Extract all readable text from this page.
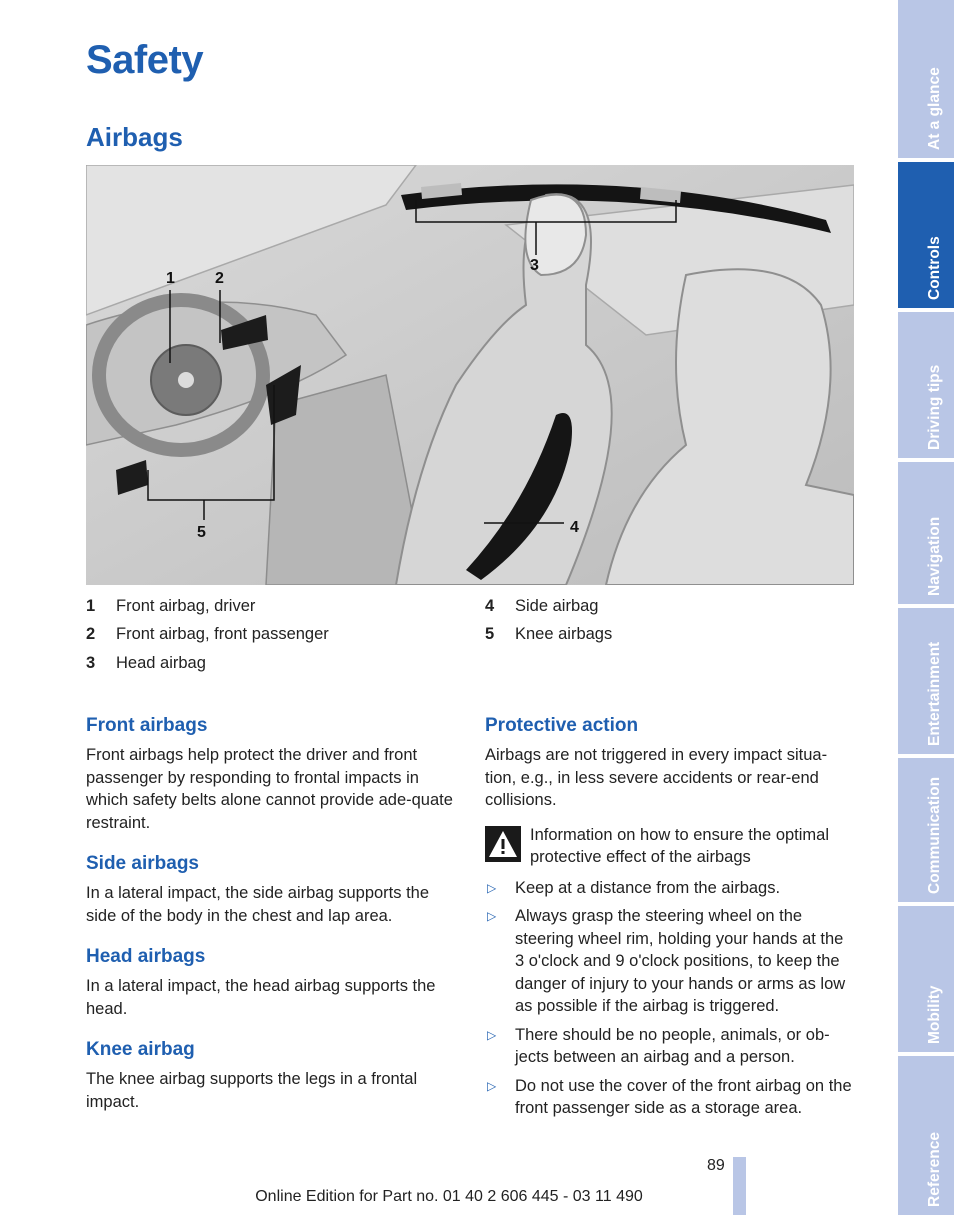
Safety
Airbags
1	2
3
4
5
1 Front airbag, driver
2 Front airbag, front passenger
3 Head airbag
4 Side airbag
5 Knee airbags
Front airbags

Front airbags help protect the driver and front passenger by responding to frontal impacts in which safety belts alone cannot provide ade-quate restraint.

Side airbags

In a lateral impact, the side airbag supports the side of the body in the chest and lap area.

Head airbags

In a lateral impact, the head airbag supports the head.

Knee airbag

The knee airbag supports the legs in a frontal impact.

Protective action

Airbags are not triggered in every impact situa-tion, e.g., in less severe accidents or rear-end collisions.

Information on how to ensure the optimal protective effect of the airbags
▷ Keep at a distance from the airbags.
▷ Always grasp the steering wheel on the steering wheel rim, holding your hands at the 3 o'clock and 9 o'clock positions, to keep the danger of injury to your hands or arms as low as possible if the airbag is triggered.
▷ There should be no people, animals, or ob-jects between an airbag and a person.
▷ Do not use the cover of the front airbag on the front passenger side as a storage area.
At a glance
Controls
Driving tips
Navigation
Entertainment
Communication
Mobility
Reference
89
Online Edition for Part no. 01 40 2 606 445 - 03 11 490
